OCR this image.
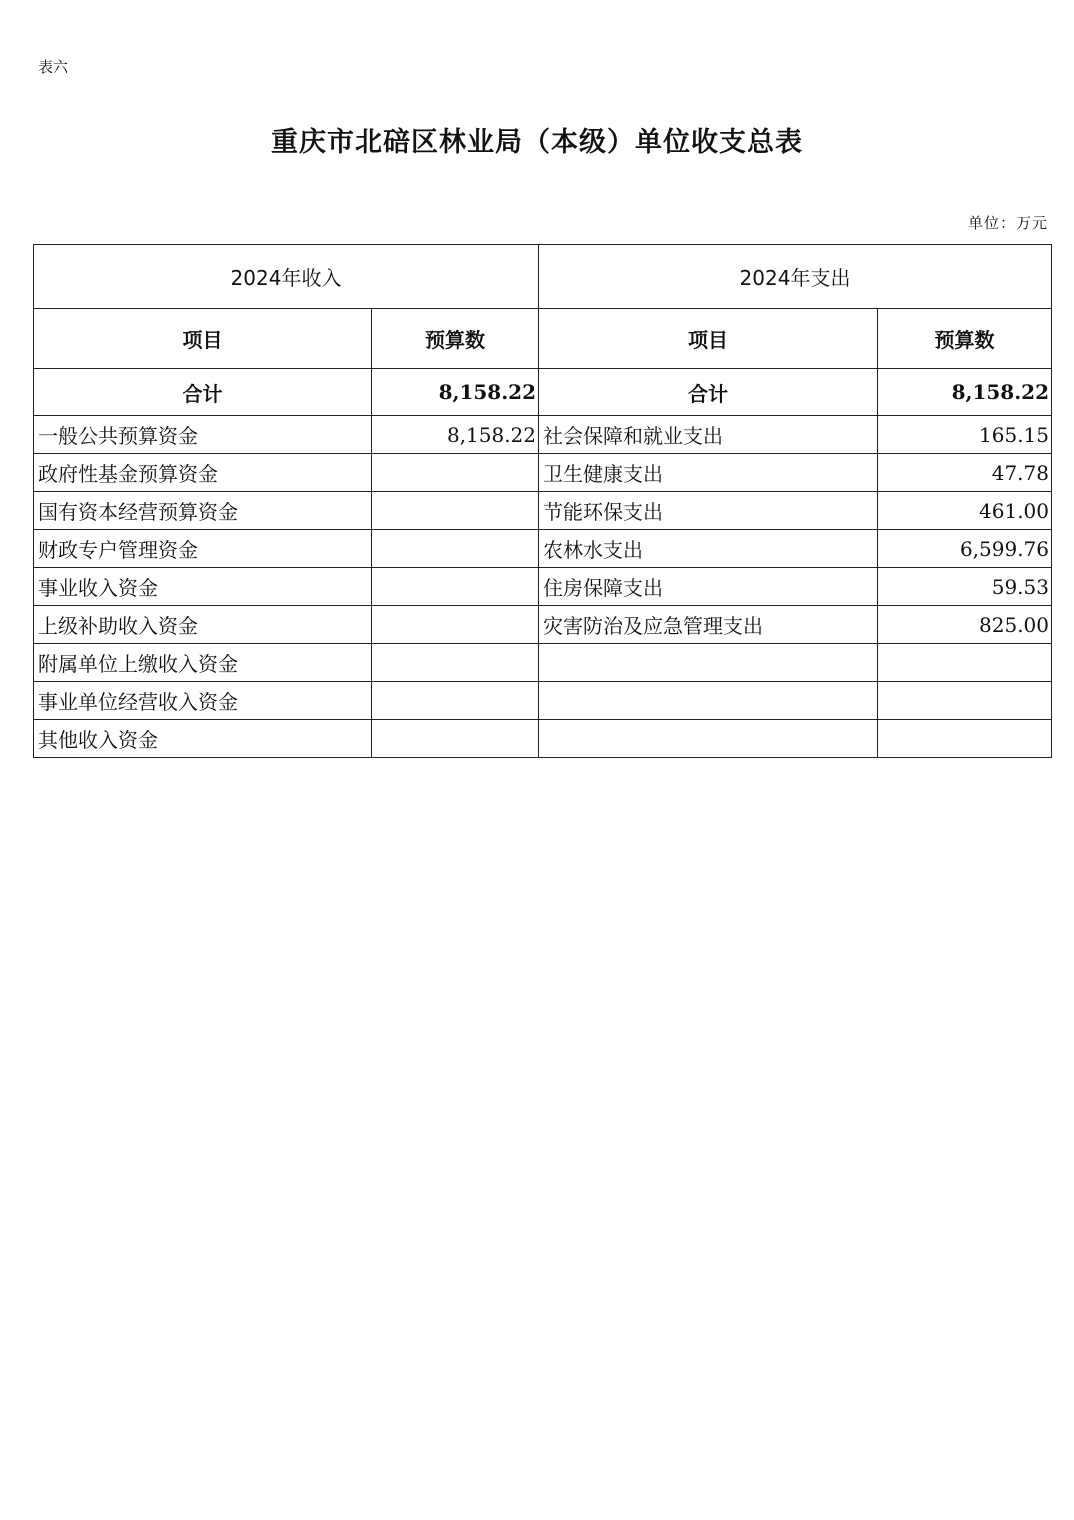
表六
重庆市北碚区林业局（本级）单位收支总表
单位：万元
2024年收入		2024年支出	
项目	预算数	项目	预算数
合计	8,158.22	合计	8,158.22
一般公共预算资金	8,158.22	社会保障和就业支出	165.15
政府性基金预算资金		卫生健康支出	47.78
国有资本经营预算资金		节能环保支出	461.00
财政专户管理资金		农林水支出	6,599.76
事业收入资金		住房保障支出	59.53
上级补助收入资金		灾害防治及应急管理支出	825.00
附属单位上缴收入资金			
事业单位经营收入资金			
其他收入资金			
